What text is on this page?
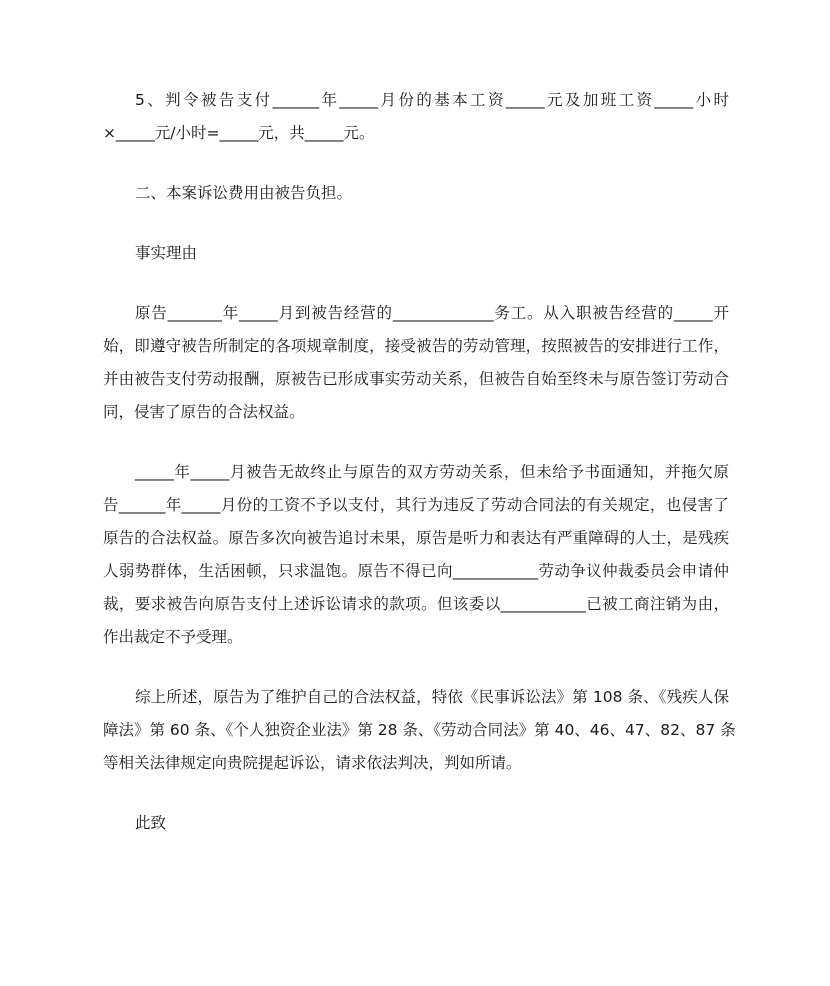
5、判令被告支付______年_____月份的基本工资_____元及加班工资_____小时
×_____元/小时=_____元，共_____元。
二、本案诉讼费用由被告负担。
事实理由
原告_______年_____月到被告经营的_____________务工。从入职被告经营的_____开
始，即遵守被告所制定的各项规章制度，接受被告的劳动管理，按照被告的安排进行工作，
并由被告支付劳动报酬，原被告已形成事实劳动关系，但被告自始至终未与原告签订劳动合
同，侵害了原告的合法权益。
_____年_____月被告无故终止与原告的双方劳动关系，但未给予书面通知，并拖欠原
告______年_____月份的工资不予以支付，其行为违反了劳动合同法的有关规定，也侵害了
原告的合法权益。原告多次向被告追讨未果，原告是听力和表达有严重障碍的人士，是残疾
人弱势群体，生活困顿，只求温饱。原告不得已向___________劳动争议仲裁委员会申请仲
裁，要求被告向原告支付上述诉讼请求的款项。但该委以___________已被工商注销为由，
作出裁定不予受理。
综上所述，原告为了维护自己的合法权益，特依《民事诉讼法》第 108 条、《残疾人保
障法》第 60 条、《个人独资企业法》第 28 条、《劳动合同法》第 40、46、47、82、87 条
等相关法律规定向贵院提起诉讼，请求依法判决，判如所请。
此致
